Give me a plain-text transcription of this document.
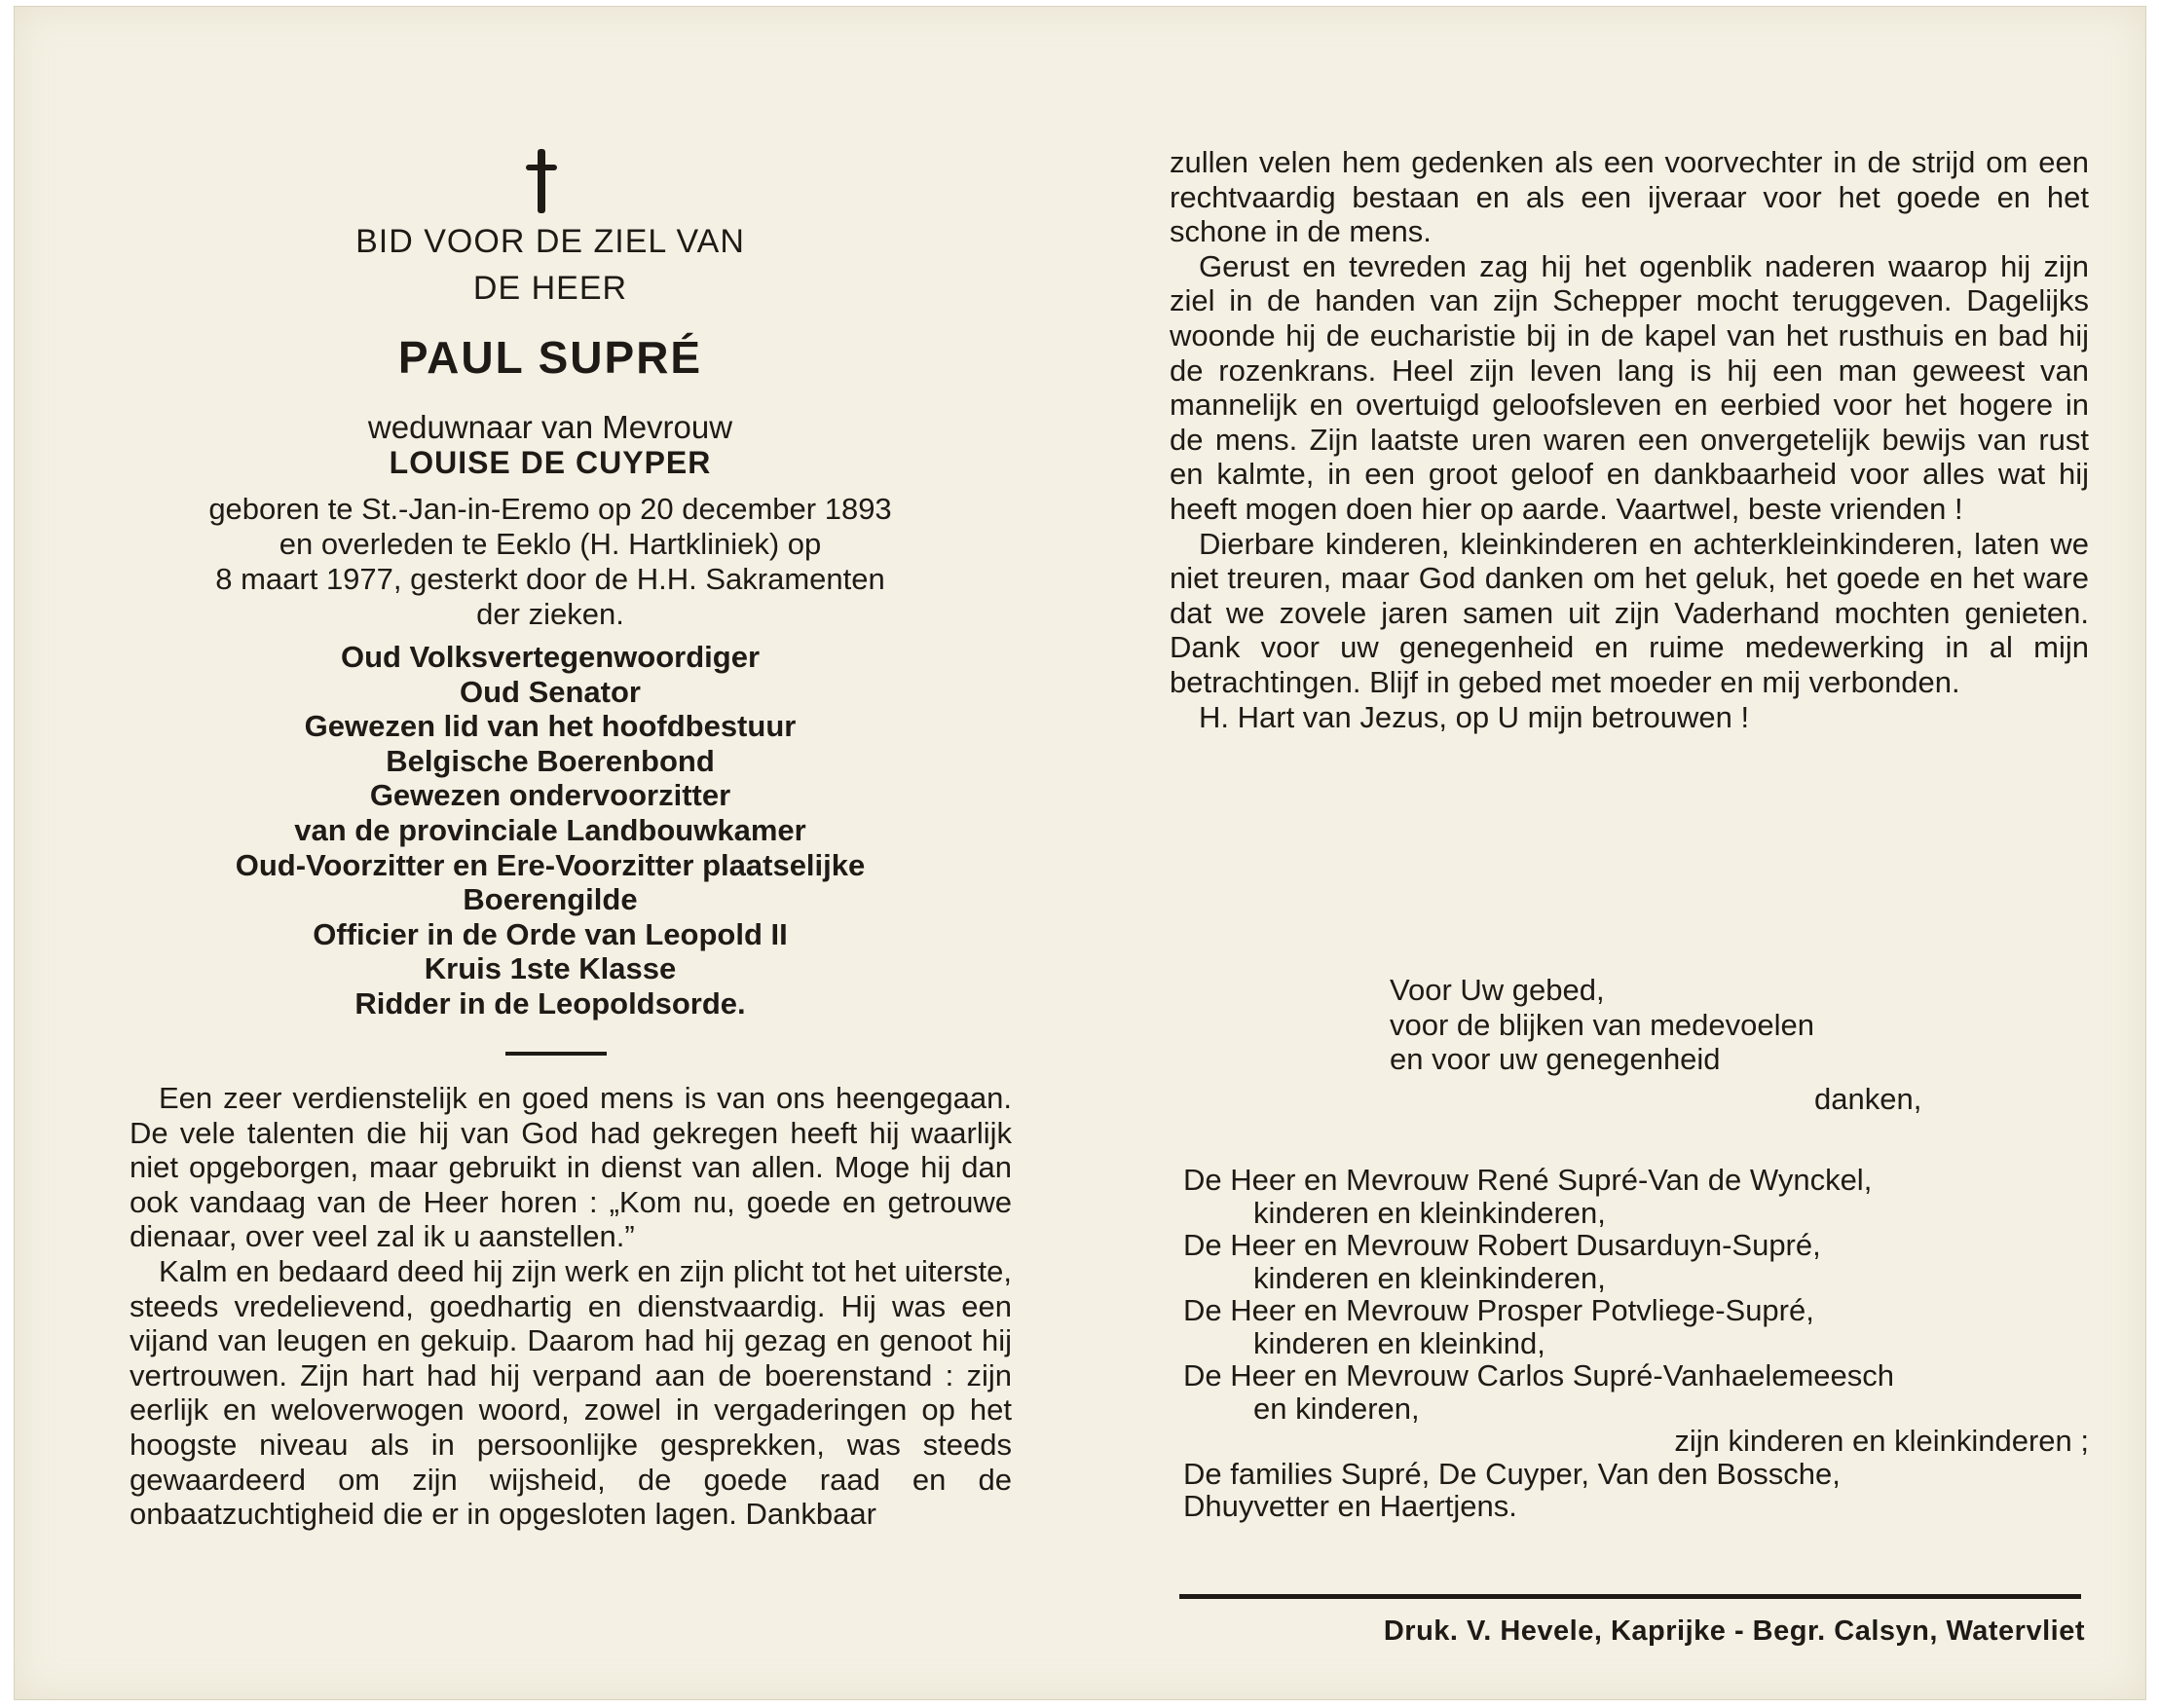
BID VOOR DE ZIEL VAN
DE HEER
PAUL SUPRÉ
weduwnaar van Mevrouw
LOUISE DE CUYPER
geboren te St.-Jan-in-Eremo op 20 december 1893
en overleden te Eeklo (H. Hartkliniek) op
8 maart 1977, gesterkt door de H.H. Sakramenten
der zieken.
Oud Volksvertegenwoordiger
Oud Senator
Gewezen lid van het hoofdbestuur
Belgische Boerenbond
Gewezen ondervoorzitter
van de provinciale Landbouwkamer
Oud-Voorzitter en Ere-Voorzitter plaatselijke
Boerengilde
Officier in de Orde van Leopold II
Kruis 1ste Klasse
Ridder in de Leopoldsorde.

Een zeer verdienstelijk en goed mens is van ons heengegaan. De vele talenten die hij van God had gekregen heeft hij waarlijk niet opgeborgen, maar gebruikt in dienst van allen. Moge hij dan ook vandaag van de Heer horen : „Kom nu, goede en getrouwe dienaar, over veel zal ik u aanstellen.”

Kalm en bedaard deed hij zijn werk en zijn plicht tot het uiterste, steeds vredelievend, goedhartig en dienstvaardig. Hij was een vijand van leugen en gekuip. Daarom had hij gezag en genoot hij vertrouwen. Zijn hart had hij verpand aan de boerenstand : zijn eerlijk en weloverwogen woord, zowel in vergaderingen op het hoogste niveau als in persoonlijke gesprekken, was steeds gewaardeerd om zijn wijsheid, de goede raad en de onbaatzuchtigheid die er in opgesloten lagen. Dankbaar

zullen velen hem gedenken als een voorvechter in de strijd om een rechtvaardig bestaan en als een ijveraar voor het goede en het schone in de mens.

Gerust en tevreden zag hij het ogenblik naderen waarop hij zijn ziel in de handen van zijn Schepper mocht teruggeven. Dagelijks woonde hij de eucharistie bij in de kapel van het rusthuis en bad hij de rozenkrans. Heel zijn leven lang is hij een man geweest van mannelijk en overtuigd geloofsleven en eerbied voor het hogere in de mens. Zijn laatste uren waren een onvergetelijk bewijs van rust en kalmte, in een groot geloof en dankbaarheid voor alles wat hij heeft mogen doen hier op aarde. Vaartwel, beste vrienden !

Dierbare kinderen, kleinkinderen en achterkleinkinderen, laten we niet treuren, maar God danken om het geluk, het goede en het ware dat we zovele jaren samen uit zijn Vaderhand mochten genieten. Dank voor uw genegenheid en ruime medewerking in al mijn betrachtingen. Blijf in gebed met moeder en mij verbonden.

H. Hart van Jezus, op U mijn betrouwen !

Voor Uw gebed,
voor de blijken van medevoelen
en voor uw genegenheid
danken,
De Heer en Mevrouw René Supré-Van de Wynckel,
kinderen en kleinkinderen,
De Heer en Mevrouw Robert Dusarduyn-Supré,
kinderen en kleinkinderen,
De Heer en Mevrouw Prosper Potvliege-Supré,
kinderen en kleinkind,
De Heer en Mevrouw Carlos Supré-Vanhaelemeesch
en kinderen,
zijn kinderen en kleinkinderen ;
De families Supré, De Cuyper, Van den Bossche,
Dhuyvetter en Haertjens.
Druk. V. Hevele, Kaprijke - Begr. Calsyn, Watervliet
